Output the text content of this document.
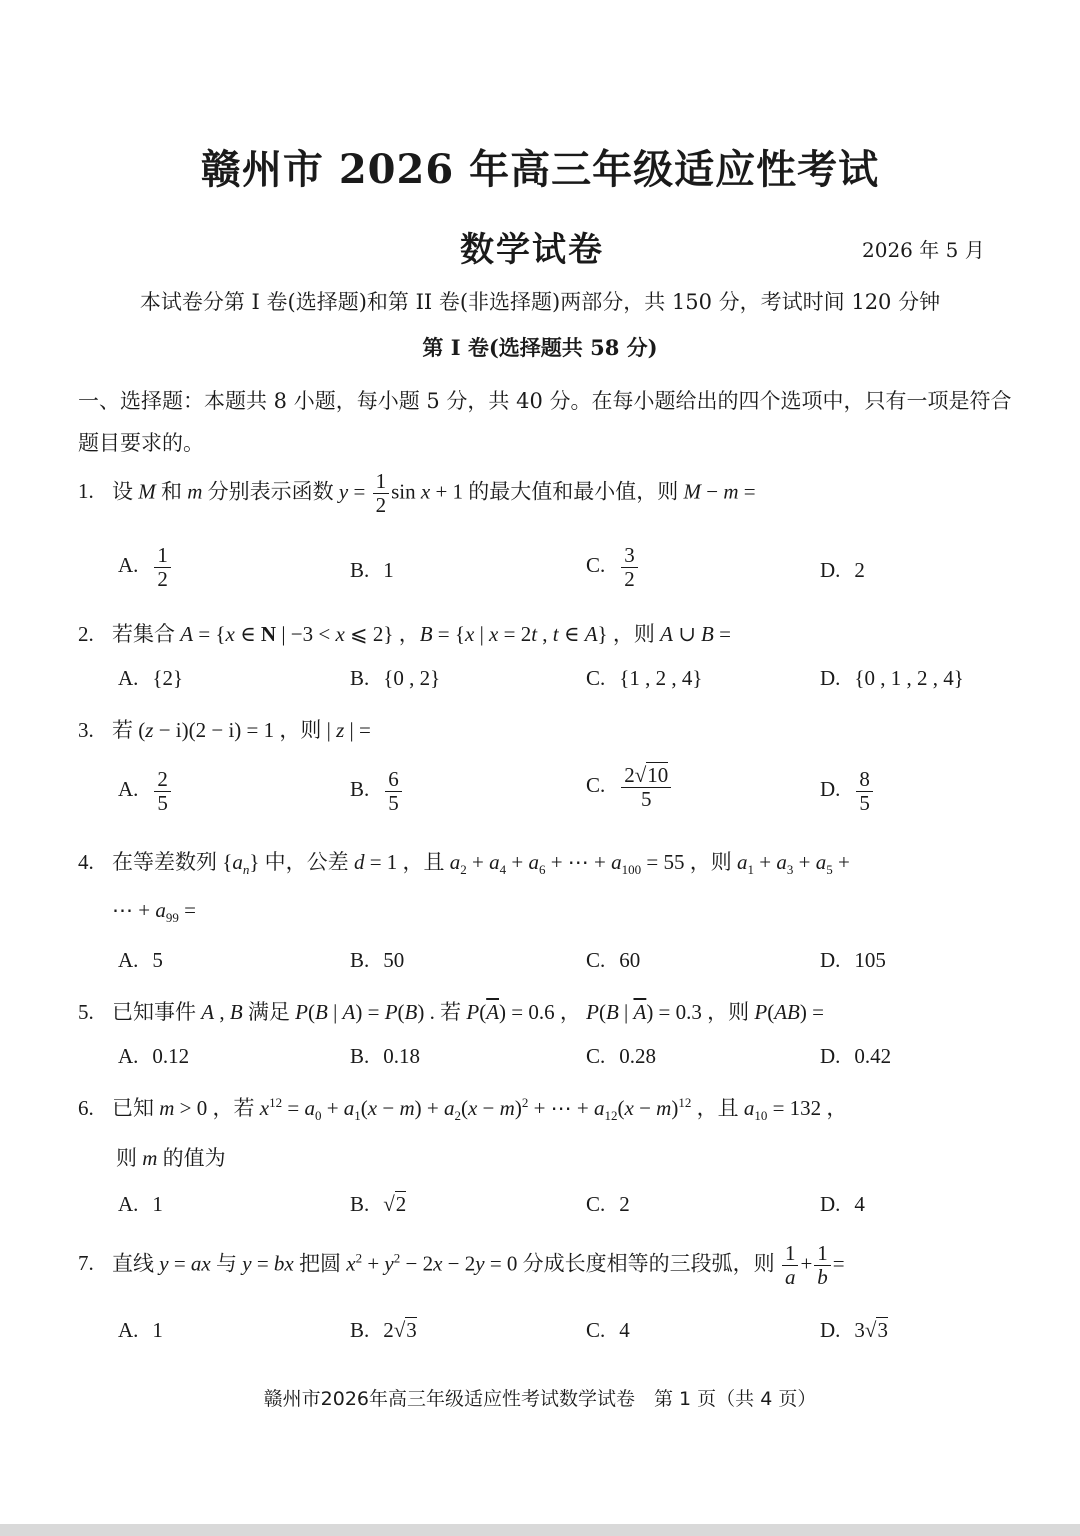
赣州市 2026 年高三年级适应性考试
数学试卷	2026 年 5 月
本试卷分第 I 卷(选择题)和第 II 卷(非选择题)两部分，共 150 分，考试时间 120 分钟
第 I 卷(选择题共 58 分)
一、选择题：本题共 8 小题，每小题 5 分，共 40 分。在每小题给出的四个选项中，只有一项是符合题目要求的。
1. 设 M 和 m 分别表示函数 $y = \frac{1}{2}$ sin x + 1 的最大值和最小值，则 M − m =
A. $\frac{1}{2}$	B. 1	C. $\frac{3}{2}$	D. 2
2. 若集合 A = {x ∈ N | −3 < x ⩽ 2} ，B = {x | x = 2t , t ∈ A} ，则 A ∪ B =
A. {2}	B. {0 , 2}	C. {1 , 2 , 4}	D. {0 , 1 , 2 , 4}
3. 若 (z − i)(2 − i) = 1 ，则 | z | =
A. $\frac{2}{5}$	B. $\frac{6}{5}$	C. $\frac{2√10}{5}$	D. $\frac{8}{5}$
4. 在等差数列 $\{a_n\}$ 中，公差 d = 1 ，且 $a_2 + a_4 + a_6$ + ⋯ + $a_{100} = 55$ ，则 $a_1 + a_3 + a_5$ +
⋯ + $a_{99}$ =
A. 5	B. 50	C. 60	D. 105
5. 已知事件 A , B 满足 P(B | A) = P(B) . 若 $P(\overline{A}) = 0.6$ ， P(B | $\overline{A}) = 0.3$ ，则 P(AB) =
A. 0.12	B. 0.18	C. 0.28	D. 0.42
6. 已知 m > 0 ，若 $x^{12} = a_0 + a_1(x - m) + a_2(x - m)^2$ + ⋯ + $a_{12}(x - m)^{12}$ ，且 $a_{10} = 132$ ，
则 m 的值为
A. 1	B. √2	C. 2	D. 4
7. 直线 y = ax 与 y = bx 把圆 $x^2 + y^2 - 2x - 2y = 0$ 分成长度相等的三段弧，则 $\frac{1}{a} + \frac{1}{b}$ =
A. 1	B. 2√3	C. 4	D. 3√3
赣州市2026年高三年级适应性考试数学试卷　第 1 页（共 4 页）
